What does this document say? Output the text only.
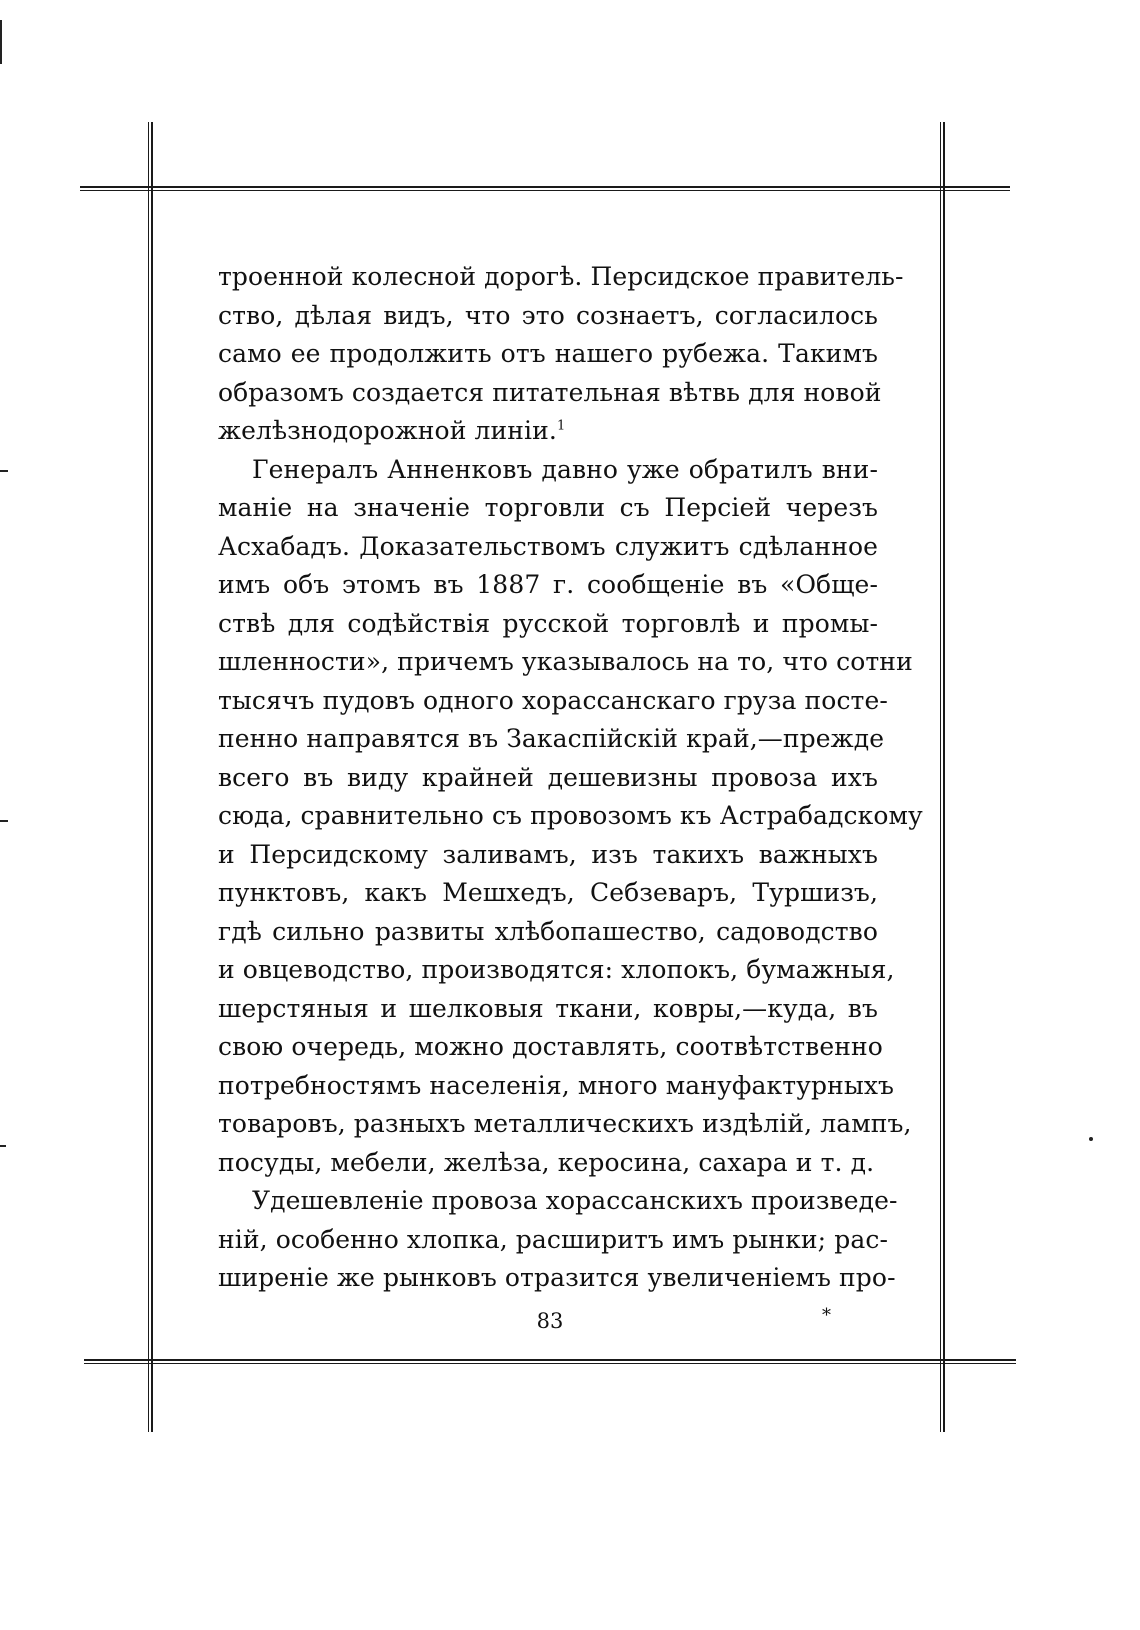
троенной колесной дорогѣ. Персидское правитель-
ство, дѣлая видъ, что это сознаетъ, согласилось
само ее продолжить отъ нашего рубежа. Такимъ
образомъ создается питательная вѣтвь для новой
желѣзнодорожной линіи.$^1$
Генералъ Анненковъ давно уже обратилъ вни-
маніе на значеніе торговли съ Персіей черезъ
Асхабадъ. Доказательствомъ служитъ сдѣланное
имъ объ этомъ въ 1887 г. сообщеніе въ «Обще-
ствѣ для содѣйствія русской торговлѣ и промы-
шленности», причемъ указывалось на то, что сотни
тысячъ пудовъ одного хорассанскаго груза посте-
пенно направятся въ Закаспійскій край,—прежде
всего въ виду крайней дешевизны провоза ихъ
сюда, сравнительно съ провозомъ къ Астрабадскому
и Персидскому заливамъ, изъ такихъ важныхъ
пунктовъ, какъ Мешхедъ, Себзеваръ, Туршизъ,
гдѣ сильно развиты хлѣбопашество, садоводство
и овцеводство, производятся: хлопокъ, бумажныя,
шерстяныя и шелковыя ткани, ковры,—куда, въ
свою очередь, можно доставлять, соотвѣтственно
потребностямъ населенія, много мануфактурныхъ
товаровъ, разныхъ металлическихъ издѣлій, лампъ,
посуды, мебели, желѣза, керосина, сахара и т. д.
Удешевленіе провоза хорассанскихъ произведе-
ній, особенно хлопка, расширитъ имъ рынки; рас-
ширеніе же рынковъ отразится увеличеніемъ про-
83	*
